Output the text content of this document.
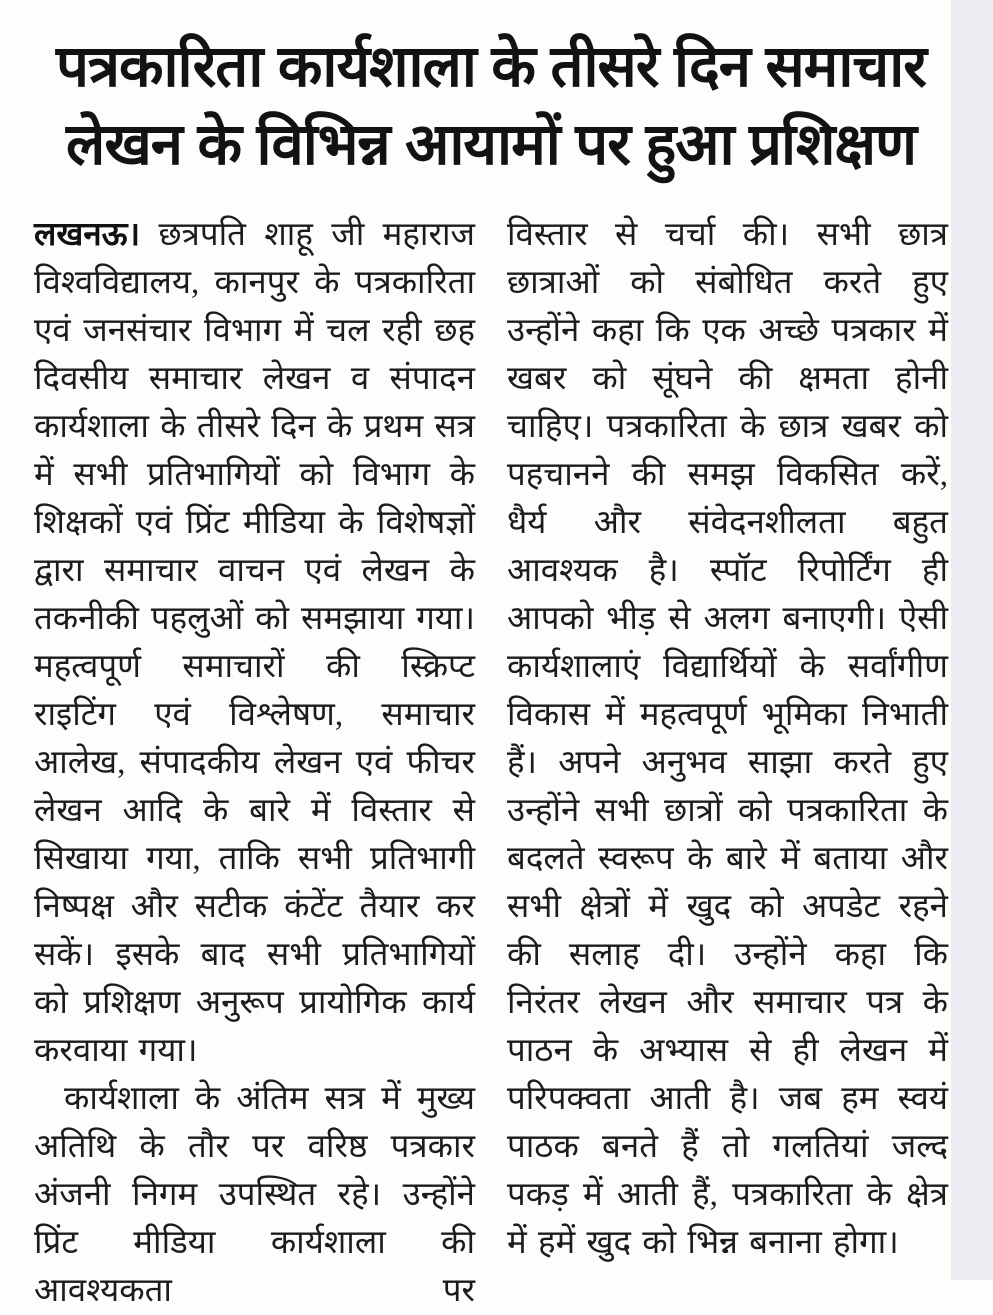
पत्रकारिता कार्यशाला के तीसरे दिन समाचार लेखन के विभिन्न आयामों पर हुआ प्रशिक्षण

लखनऊ। छत्रपति शाहू जी महाराज विश्वविद्यालय, कानपुर के पत्रकारिता एवं जनसंचार विभाग में चल रही छह दिवसीय समाचार लेखन व संपादन कार्यशाला के तीसरे दिन के प्रथम सत्र में सभी प्रतिभागियों को विभाग के शिक्षकों एवं प्रिंट मीडिया के विशेषज्ञों द्वारा समाचार वाचन एवं लेखन के तकनीकी पहलुओं को समझाया गया। महत्वपूर्ण समाचारों की स्क्रिप्ट राइटिंग एवं विश्लेषण, समाचार आलेख, संपादकीय लेखन एवं फीचर लेखन आदि के बारे में विस्तार से सिखाया गया, ताकि सभी प्रतिभागी निष्पक्ष और सटीक कंटेंट तैयार कर सकें। इसके बाद सभी प्रतिभागियों को प्रशिक्षण अनुरूप प्रायोगिक कार्य करवाया गया।

कार्यशाला के अंतिम सत्र में मुख्य अतिथि के तौर पर वरिष्ठ पत्रकार अंजनी निगम उपस्थित रहे। उन्होंने प्रिंट मीडिया कार्यशाला की आवश्यकता पर

विस्तार से चर्चा की। सभी छात्र छात्राओं को संबोधित करते हुए उन्होंने कहा कि एक अच्छे पत्रकार में खबर को सूंघने की क्षमता होनी चाहिए। पत्रकारिता के छात्र खबर को पहचानने की समझ विकसित करें, धैर्य और संवेदनशीलता बहुत आवश्यक है। स्पॉट रिपोर्टिंग ही आपको भीड़ से अलग बनाएगी। ऐसी कार्यशालाएं विद्यार्थियों के सर्वांगीण विकास में महत्वपूर्ण भूमिका निभाती हैं। अपने अनुभव साझा करते हुए उन्होंने सभी छात्रों को पत्रकारिता के बदलते स्वरूप के बारे में बताया और सभी क्षेत्रों में खुद को अपडेट रहने की सलाह दी। उन्होंने कहा कि निरंतर लेखन और समाचार पत्र के पाठन के अभ्यास से ही लेखन में परिपक्वता आती है। जब हम स्वयं पाठक बनते हैं तो गलतियां जल्द पकड़ में आती हैं, पत्रकारिता के क्षेत्र में हमें खुद को भिन्न बनाना होगा।
